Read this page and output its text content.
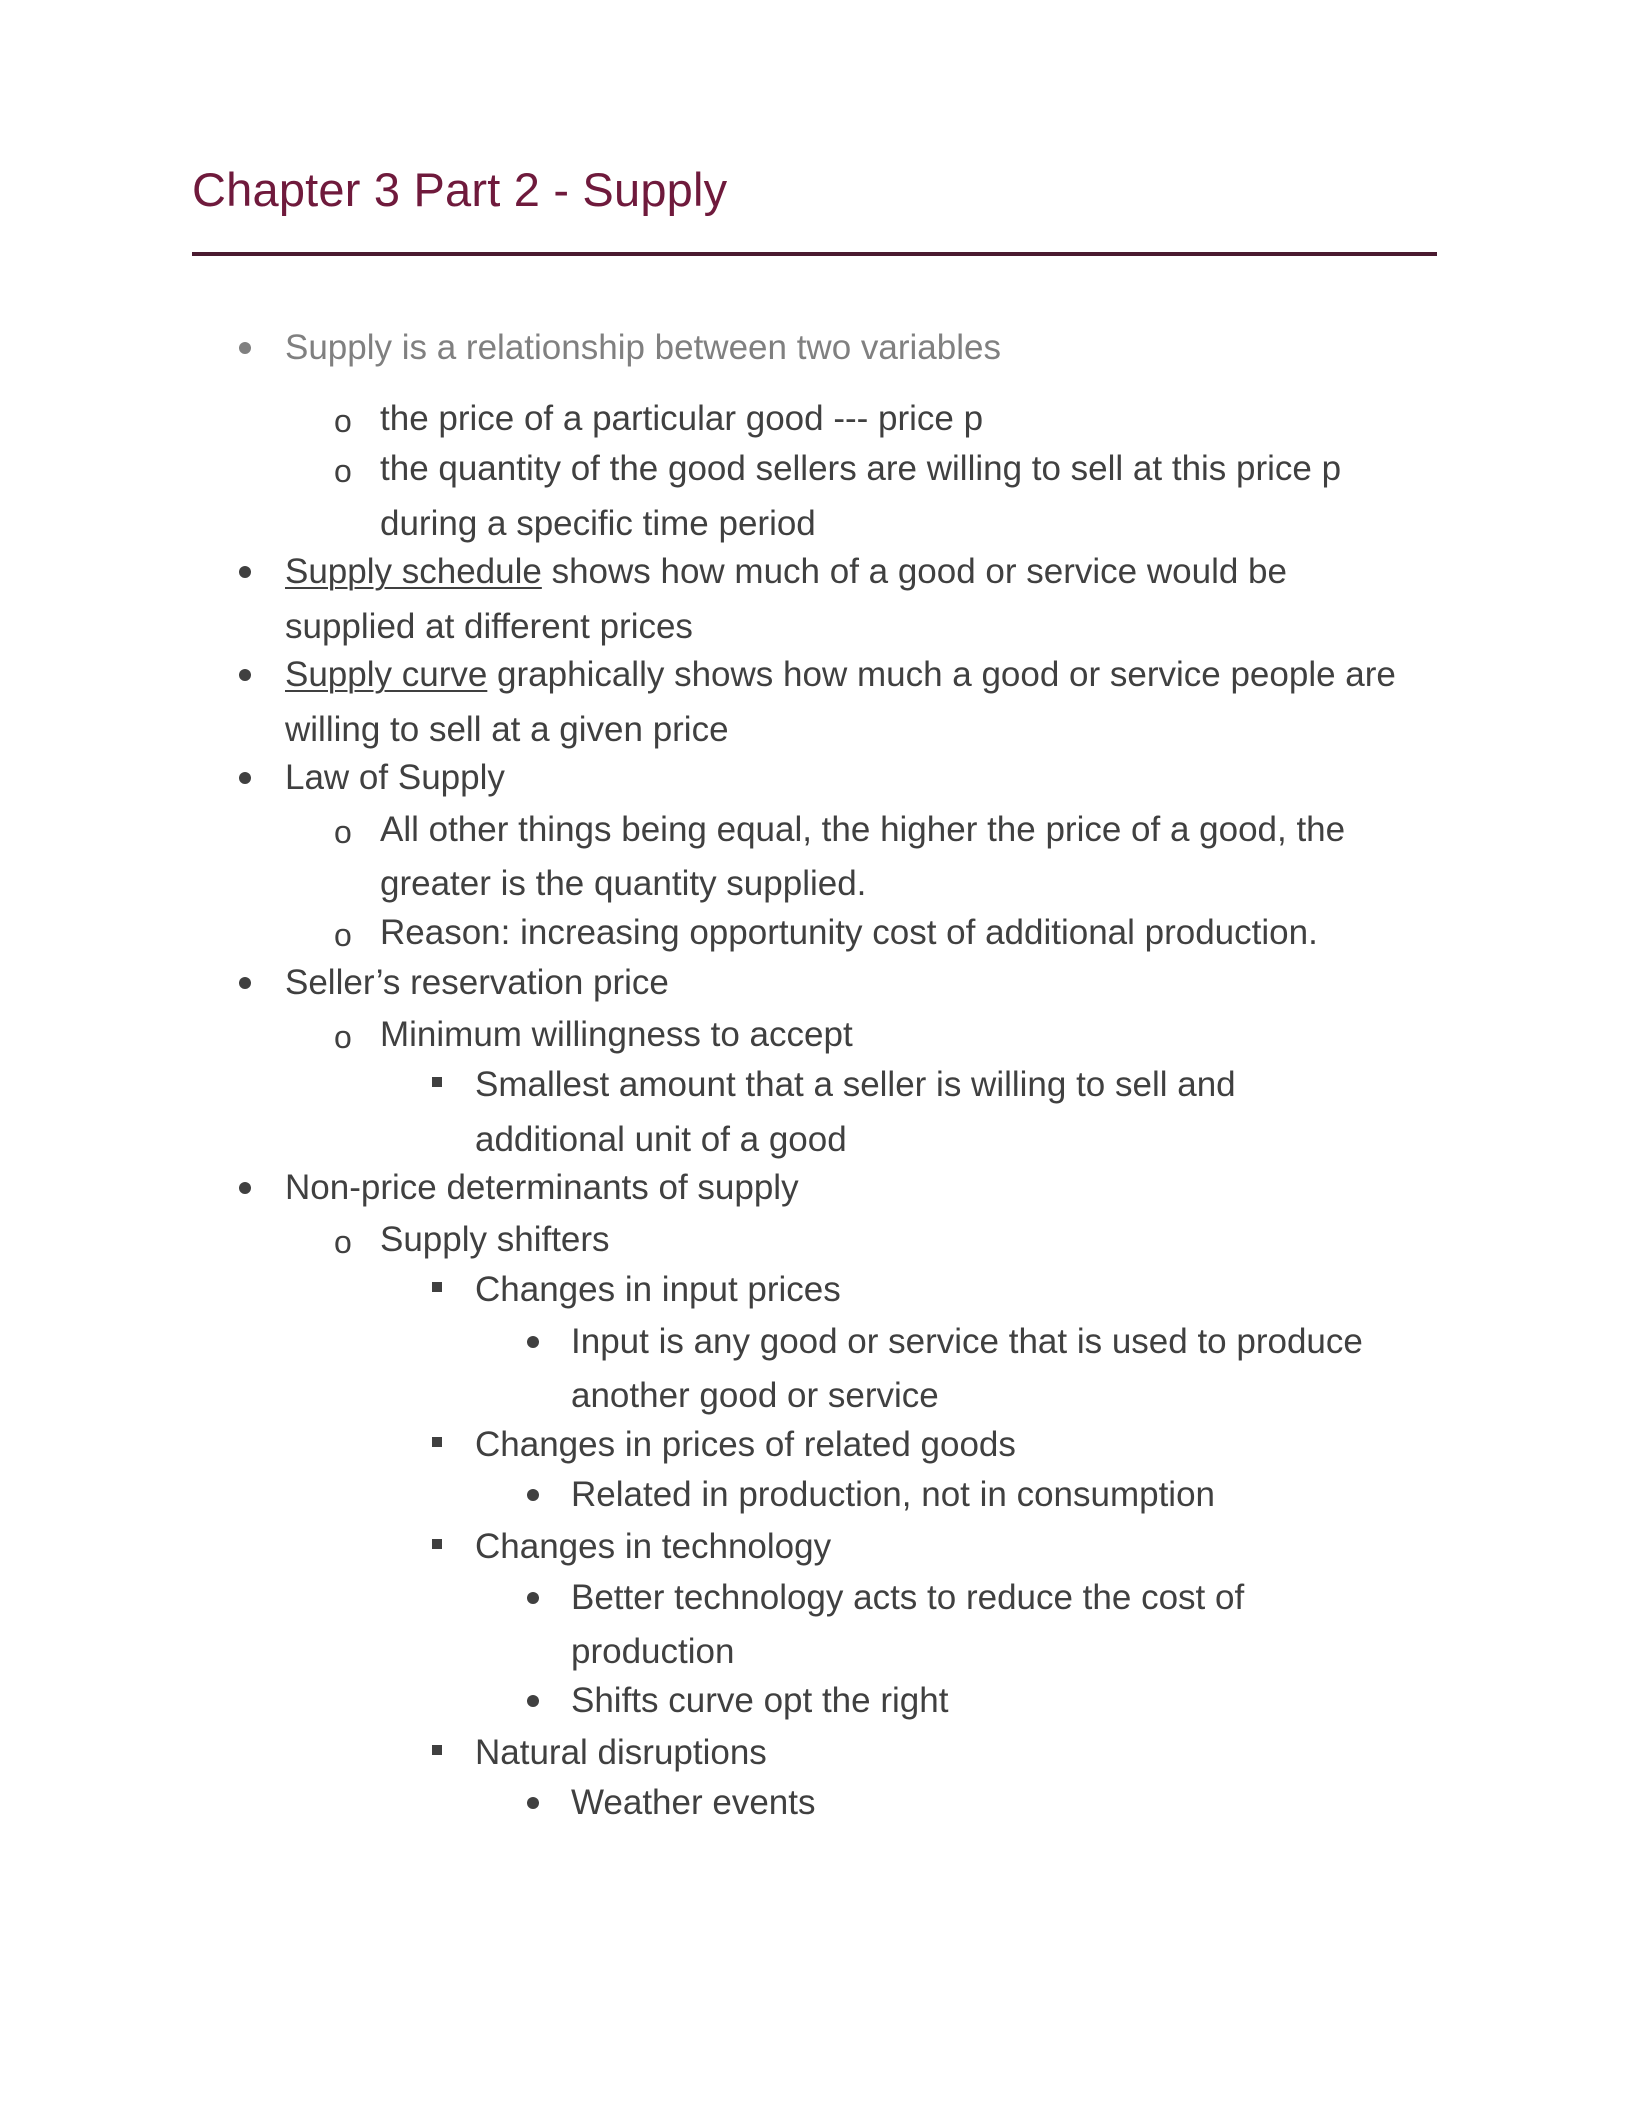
Chapter 3 Part 2 - Supply
Supply is a relationship between two variables
o the price of a particular good --- price p
o the quantity of the good sellers are willing to sell at this price p
during a specific time period
Supply schedule shows how much of a good or service would be
supplied at different prices
Supply curve graphically shows how much a good or service people are
willing to sell at a given price
Law of Supply
o All other things being equal, the higher the price of a good, the
greater is the quantity supplied.
o Reason: increasing opportunity cost of additional production.
Seller’s reservation price
o Minimum willingness to accept
Smallest amount that a seller is willing to sell and
additional unit of a good
Non-price determinants of supply
o Supply shifters
Changes in input prices
Input is any good or service that is used to produce
another good or service
Changes in prices of related goods
Related in production, not in consumption
Changes in technology
Better technology acts to reduce the cost of
production
Shifts curve opt the right
Natural disruptions
Weather events
